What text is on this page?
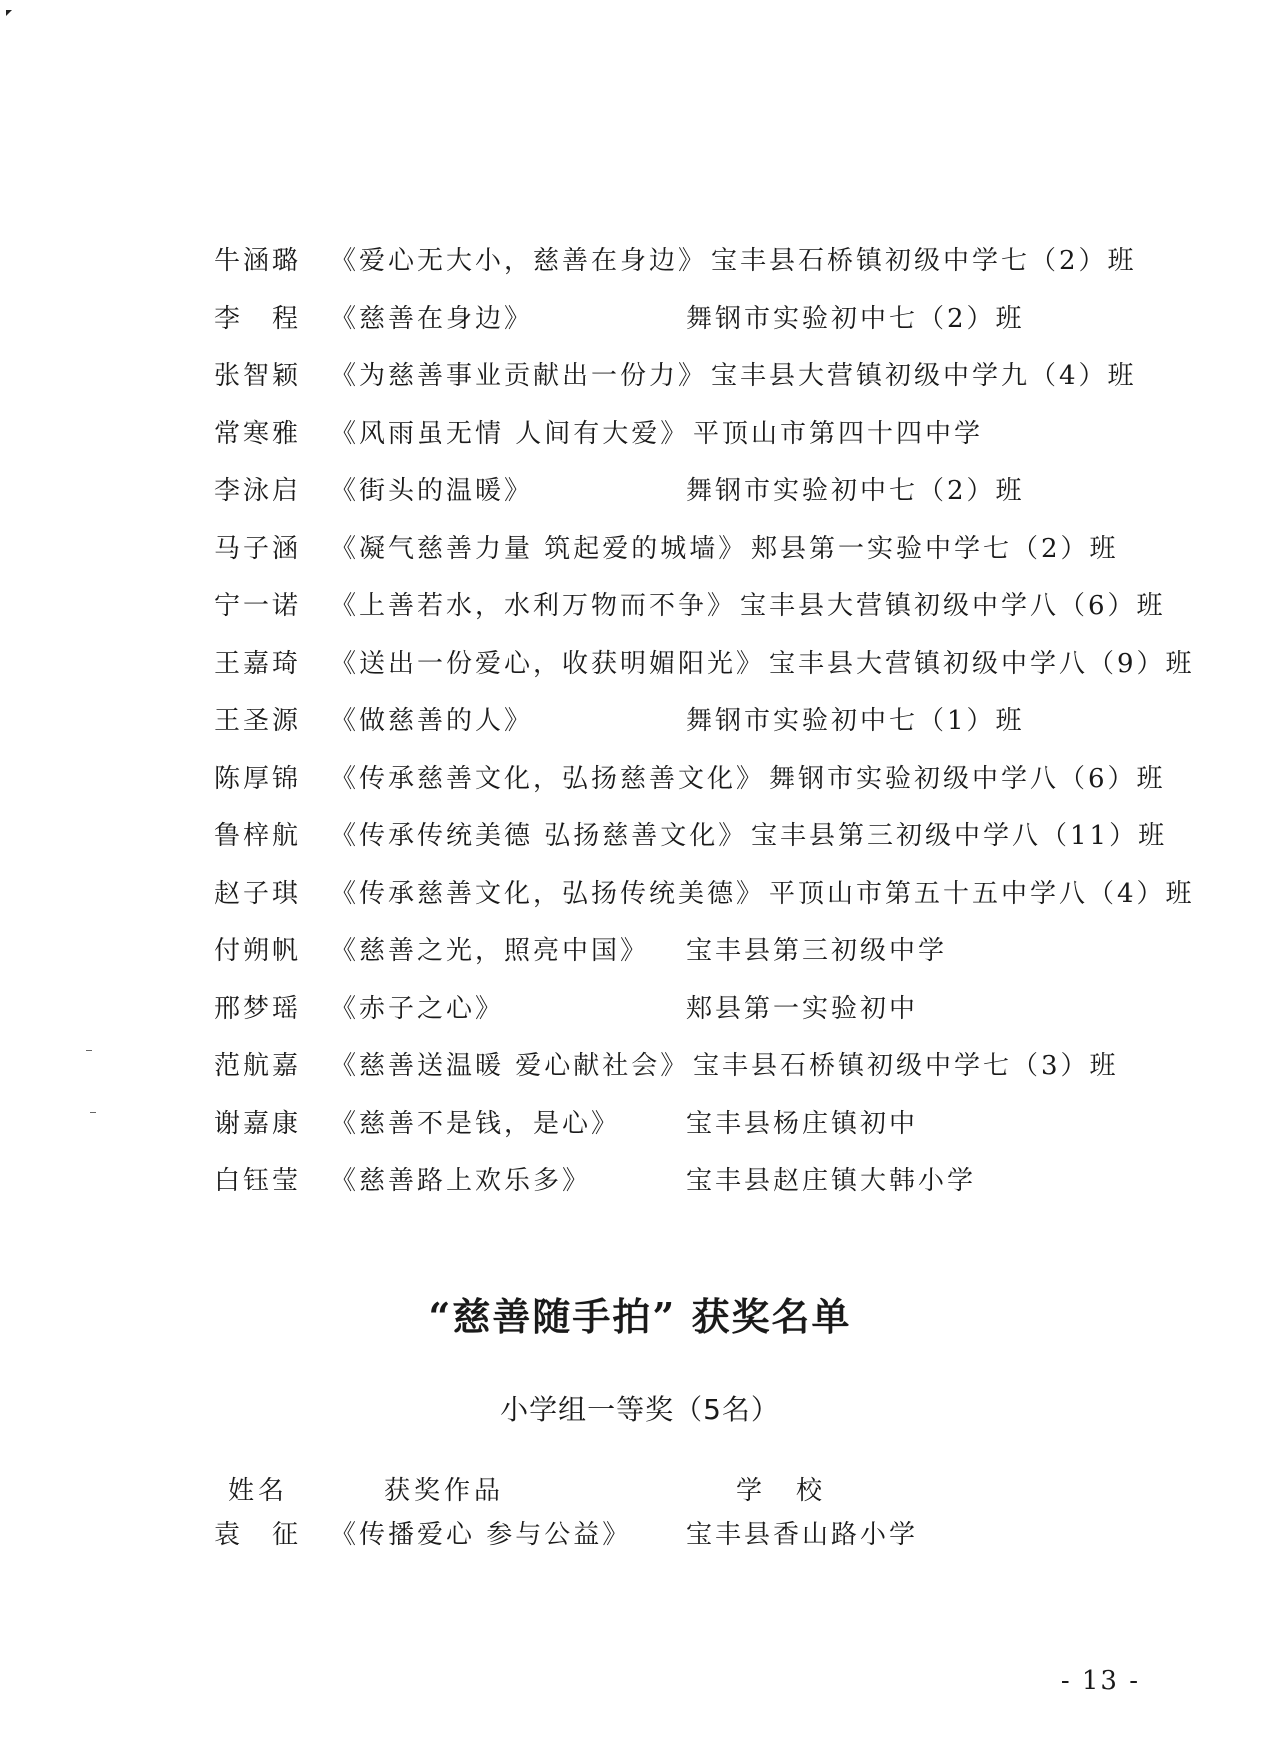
牛涵璐	《爱心无大小，慈善在身边》 宝丰县石桥镇初级中学七（2）班
李　程	《慈善在身边》	舞钢市实验初中七（2）班
张智颖	《为慈善事业贡献出一份力》 宝丰县大营镇初级中学九（4）班
常寒雅	《风雨虽无情 人间有大爱》 平顶山市第四十四中学
李泳启	《街头的温暖》	舞钢市实验初中七（2）班
马子涵	《凝气慈善力量 筑起爱的城墙》 郏县第一实验中学七（2）班
宁一诺	《上善若水，水利万物而不争》 宝丰县大营镇初级中学八（6）班
王嘉琦	《送出一份爱心，收获明媚阳光》 宝丰县大营镇初级中学八（9）班
王圣源	《做慈善的人》	舞钢市实验初中七（1）班
陈厚锦	《传承慈善文化，弘扬慈善文化》 舞钢市实验初级中学八（6）班
鲁梓航	《传承传统美德 弘扬慈善文化》 宝丰县第三初级中学八（11）班
赵子琪	《传承慈善文化，弘扬传统美德》 平顶山市第五十五中学八（4）班
付朔帆	《慈善之光，照亮中国》 宝丰县第三初级中学
邢梦瑶	《赤子之心》	郏县第一实验初中
范航嘉	《慈善送温暖 爱心献社会》 宝丰县石桥镇初级中学七（3）班
谢嘉康	《慈善不是钱，是心》	宝丰县杨庄镇初中
白钰莹	《慈善路上欢乐多》	宝丰县赵庄镇大韩小学
“慈善随手拍” 获奖名单
小学组一等奖（5名）
姓名	获奖作品	学　校
袁　征	《传播爱心 参与公益》 宝丰县香山路小学
- 13 -
